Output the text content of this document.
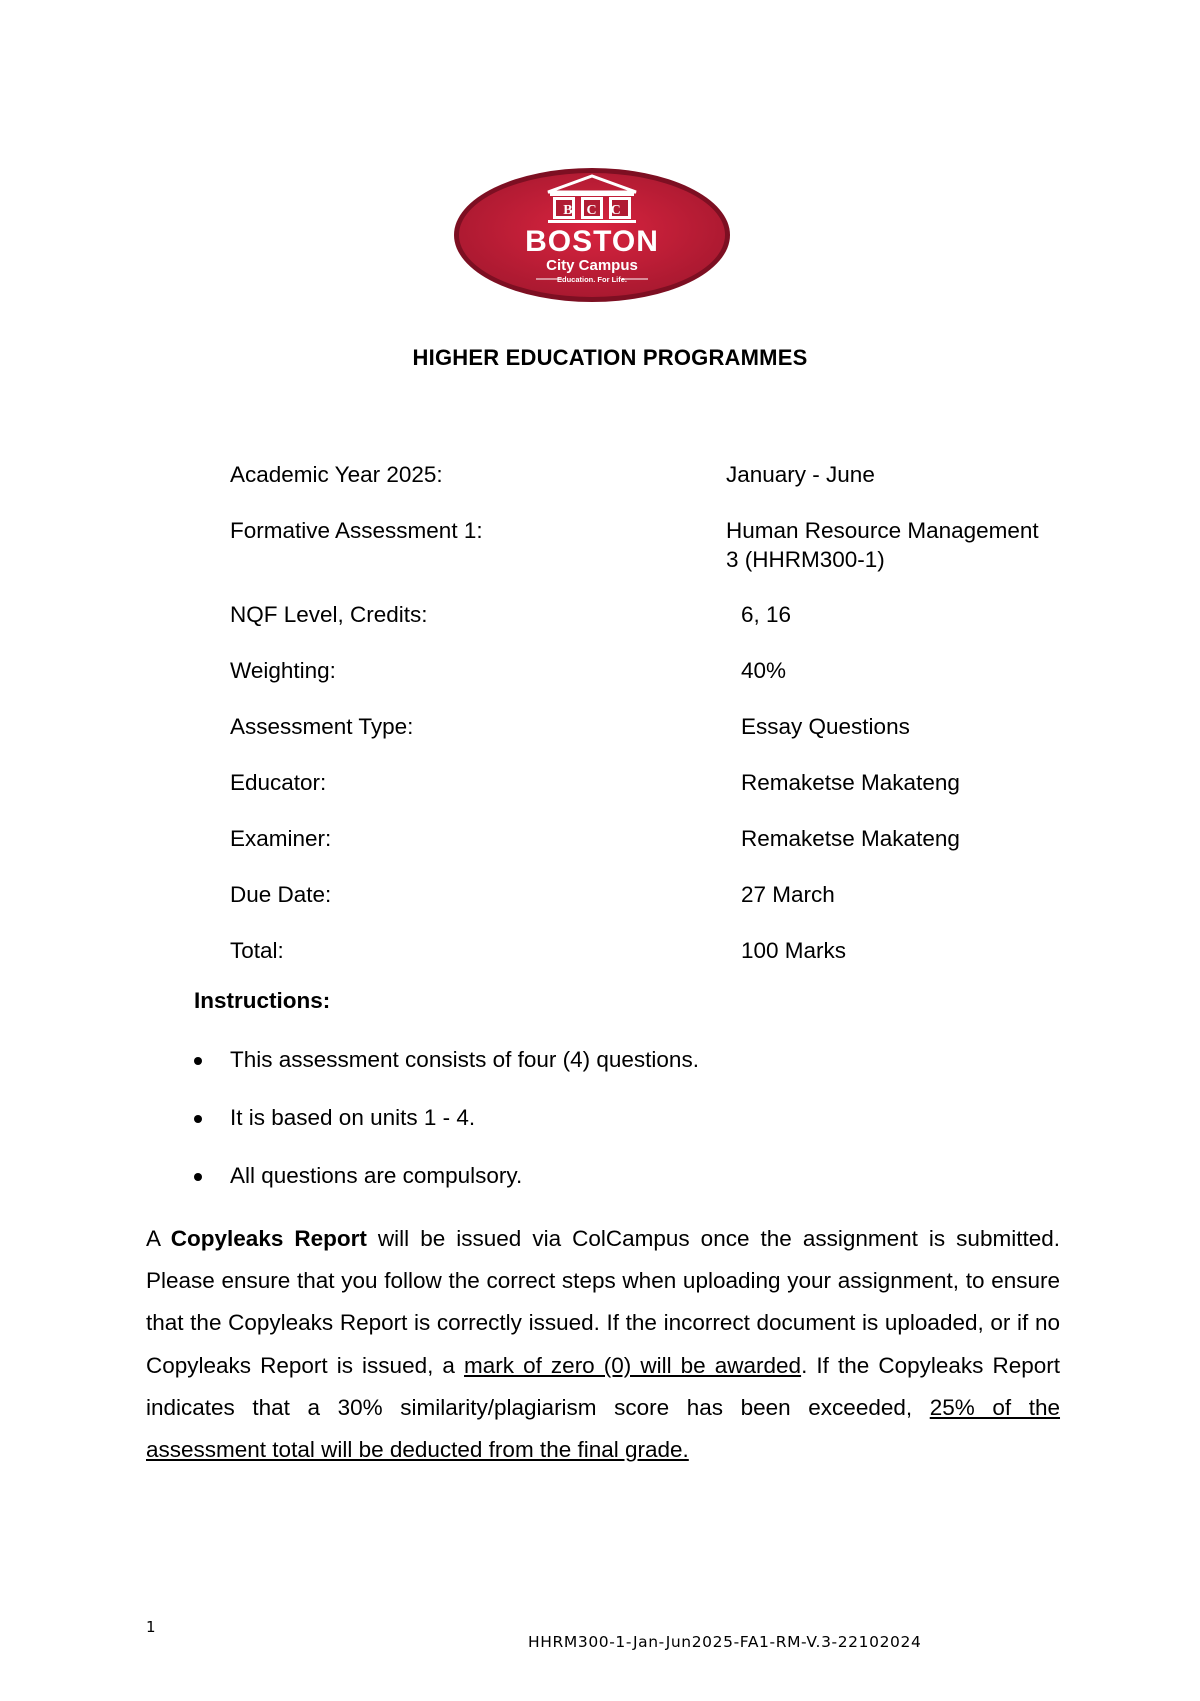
BCC
BOSTON
City Campus
Education. For Life.
HIGHER EDUCATION PROGRAMMES
Academic Year 2025:	January - June
Formative Assessment 1:	Human Resource Management 3 (HHRM300-1)
NQF Level, Credits:	6, 16
Weighting:	40%
Assessment Type:	Essay Questions
Educator:	Remaketse Makateng
Examiner:	Remaketse Makateng
Due Date:	27 March
Total:	100 Marks
Instructions:
This assessment consists of four (4) questions.
It is based on units 1 - 4.
All questions are compulsory.

A Copyleaks Report will be issued via ColCampus once the assignment is submitted. Please ensure that you follow the correct steps when uploading your assignment, to ensure that the Copyleaks Report is correctly issued. If the incorrect document is uploaded, or if no Copyleaks Report is issued, a mark of zero (0) will be awarded. If the Copyleaks Report indicates that a 30% similarity/plagiarism score has been exceeded, 25% of the assessment total will be deducted from the final grade.

1
HHRM300-1-Jan-Jun2025-FA1-RM-V.3-22102024
